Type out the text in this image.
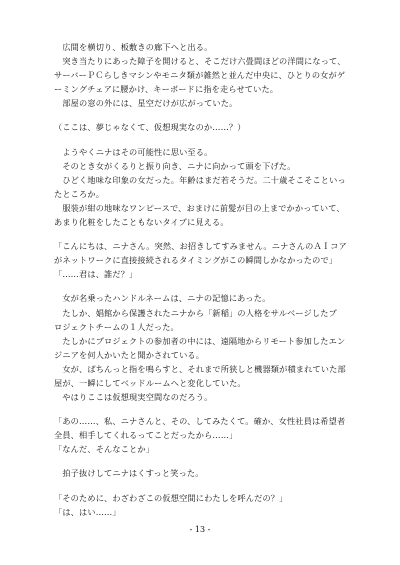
　広間を横切り、板敷きの廊下へと出る。
　突き当たりにあった障子を開けると、そこだけ六畳間ほどの洋間になって、
サーバーＰＣらしきマシンやモニタ類が雑然と並んだ中央に、ひとりの女がゲ
ーミングチェアに腰かけ、キーボードに指を走らせていた。
　部屋の窓の外には、星空だけが広がっていた。
（ここは、夢じゃなくて、仮想現実なのか……？）
　ようやくニナはその可能性に思い至る。
　そのとき女がくるりと振り向き、ニナに向かって頭を下げた。
　ひどく地味な印象の女だった。年齢はまだ若そうだ。二十歳そこそこといっ
たところか。
　服装が紺の地味なワンピースで、おまけに前髪が目の上までかかっていて、
あまり化粧をしたこともないタイプに見える。
「こんにちは、ニナさん。突然、お招きしてすみません。ニナさんのＡＩコア
がネットワークに直接接続されるタイミングがこの瞬間しかなかったので」
「……君は、誰だ？」
　女が名乗ったハンドルネームは、ニナの記憶にあった。
　たしか、娼館から保護されたニナから「新稲」の人格をサルベージしたプ
ロジェクトチームの１人だった。
　たしかにプロジェクトの参加者の中には、遠隔地からリモート参加したエン
ジニアを何人かいたと聞かされている。
　女が、ぱちんっと指を鳴らすと、それまで所狭しと機器類が積まれていた部
屋が、一瞬にしてベッドルームへと変化していた。
　やはりここは仮想現実空間なのだろう。
「あの……、私、ニナさんと、その、してみたくて。確か、女性社員は希望者
全員、相手してくれるってことだったから……」
「なんだ、そんなことか」
　拍子抜けしてニナはくすっと笑った。
「そのために、わざわざこの仮想空間にわたしを呼んだの？」
「は、はい……」
- 13 -
